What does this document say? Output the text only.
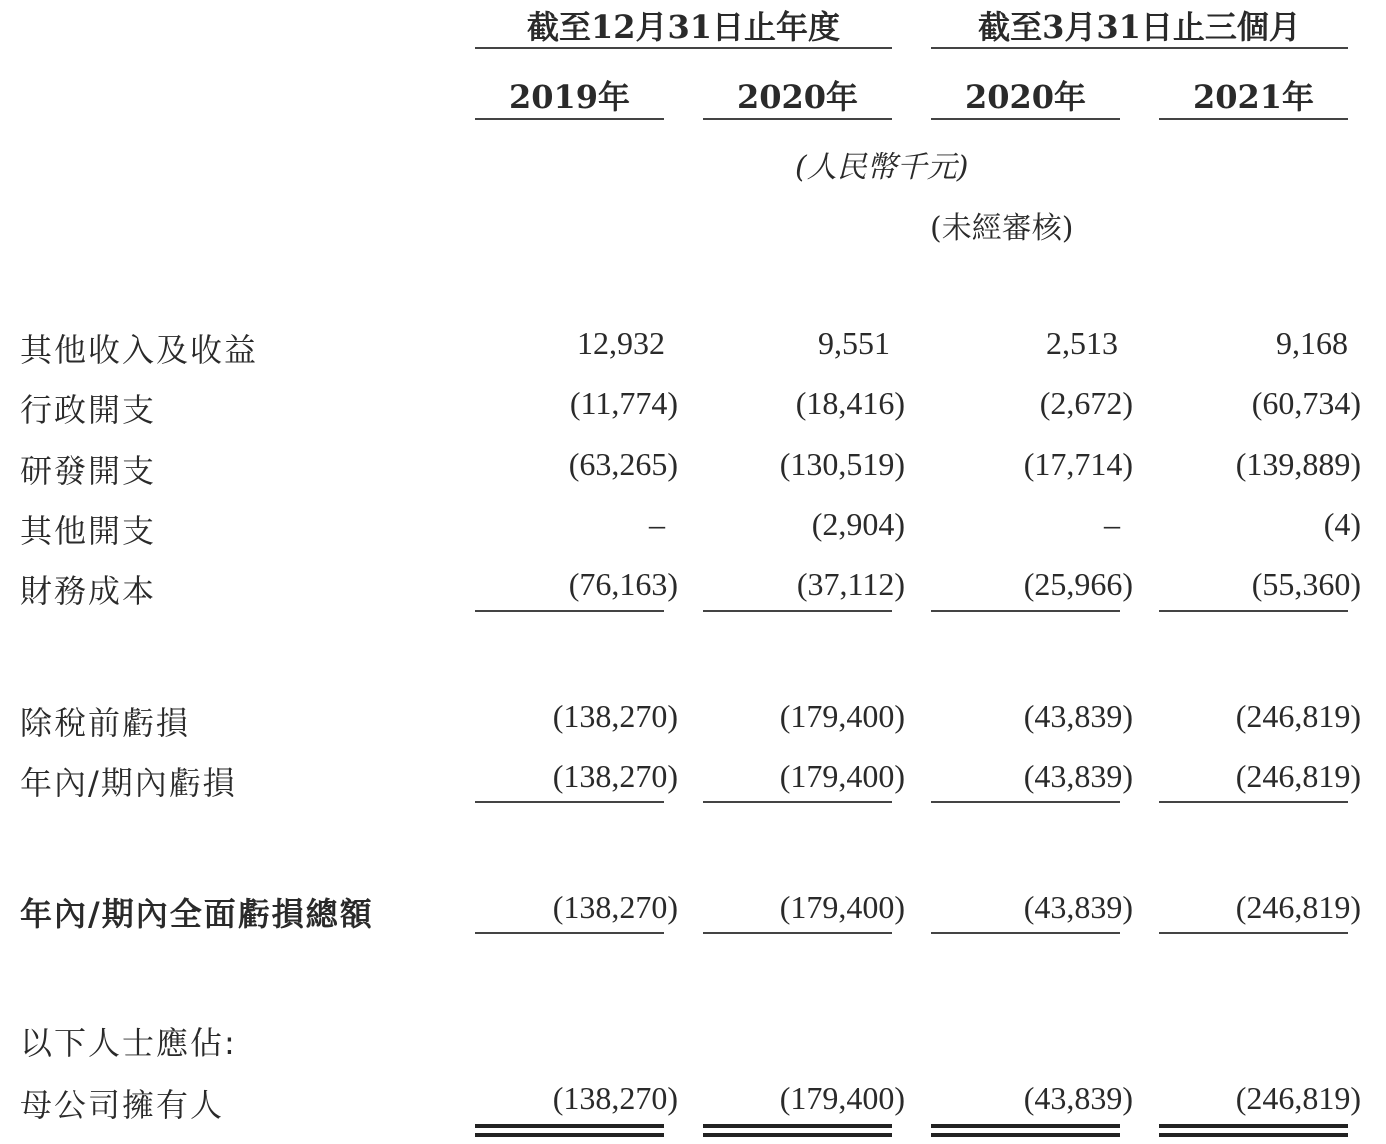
截至12月31日止年度	截至3月31日止三個月
2019年	2020年	2020年	2021年
(人民幣千元)
(未經審核)
其他收入及收益	12,932	9,551	2,513	9,168
行政開支	(11,774)	(18,416)	(2,672)	(60,734)
研發開支	(63,265)	(130,519)	(17,714)	(139,889)
其他開支	–	(2,904)	–	(4)
財務成本	(76,163)	(37,112)	(25,966)	(55,360)
除稅前虧損	(138,270)	(179,400)	(43,839)	(246,819)
年內/期內虧損	(138,270)	(179,400)	(43,839)	(246,819)
年內/期內全面虧損總額	(138,270)	(179,400)	(43,839)	(246,819)
以下人士應佔:
母公司擁有人	(138,270)	(179,400)	(43,839)	(246,819)
